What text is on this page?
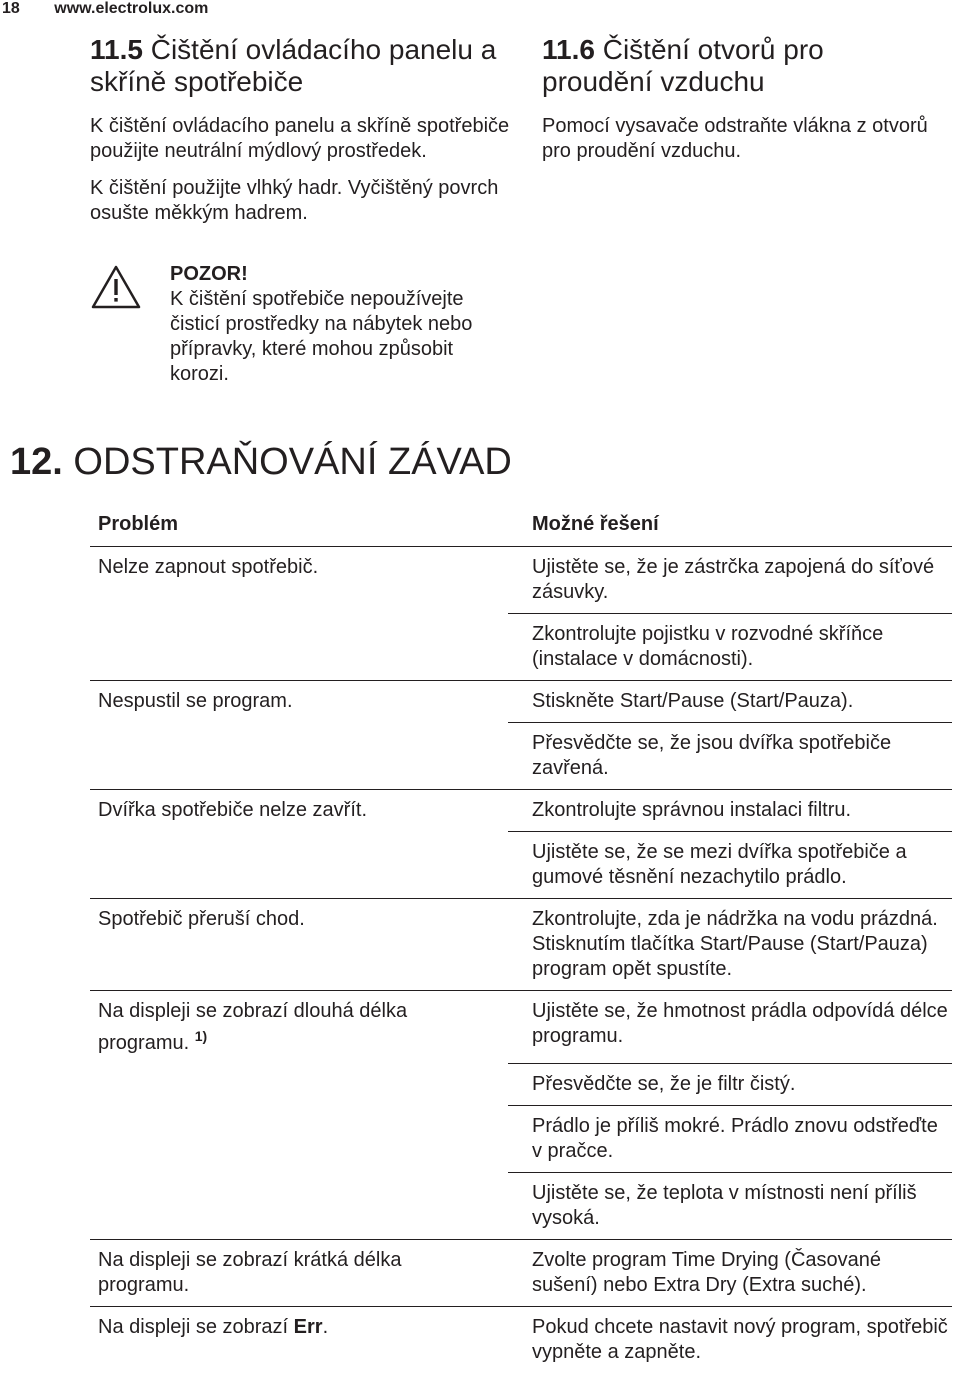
18 www.electrolux.com
11.5 Čištění ovládacího panelu a skříně spotřebiče

K čištění ovládacího panelu a skříně spotřebiče použijte neutrální mýdlový prostředek.

K čištění použijte vlhký hadr. Vyčištěný povrch osušte měkkým hadrem.

POZOR!
K čištění spotřebiče nepoužívejte čisticí prostředky na nábytek nebo přípravky, které mohou způsobit korozi.
11.6 Čištění otvorů pro proudění vzduchu

Pomocí vysavače odstraňte vlákna z otvorů pro proudění vzduchu.

12. ODSTRAŇOVÁNÍ ZÁVAD
Problém	Možné řešení
Nelze zapnout spotřebič.	Ujistěte se, že je zástrčka zapojená do síťové zásuvky.
	Zkontrolujte pojistku v rozvodné skříňce (instalace v domácnosti).
Nespustil se program.	Stiskněte Start/Pause (Start/Pauza).
	Přesvědčte se, že jsou dvířka spotřebiče zavřená.
Dvířka spotřebiče nelze zavřít.	Zkontrolujte správnou instalaci filtru.
	Ujistěte se, že se mezi dvířka spotřebiče a gumové těsnění nezachytilo prádlo.
Spotřebič přeruší chod.	Zkontrolujte, zda je nádržka na vodu prázdná. Stisknutím tlačítka Start/Pause (Start/Pauza) program opět spustíte.
Na displeji se zobrazí dlouhá délka programu. $^{1)}$	Ujistěte se, že hmotnost prádla odpovídá délce programu.
	Přesvědčte se, že je filtr čistý.
	Prádlo je příliš mokré. Prádlo znovu odstřeďte v pračce.
	Ujistěte se, že teplota v místnosti není příliš vysoká.
Na displeji se zobrazí krátká délka programu.	Zvolte program Time Drying (Časované sušení) nebo Extra Dry (Extra suché).
Na displeji se zobrazí Err.	Pokud chcete nastavit nový program, spotřebič vypněte a zapněte.
